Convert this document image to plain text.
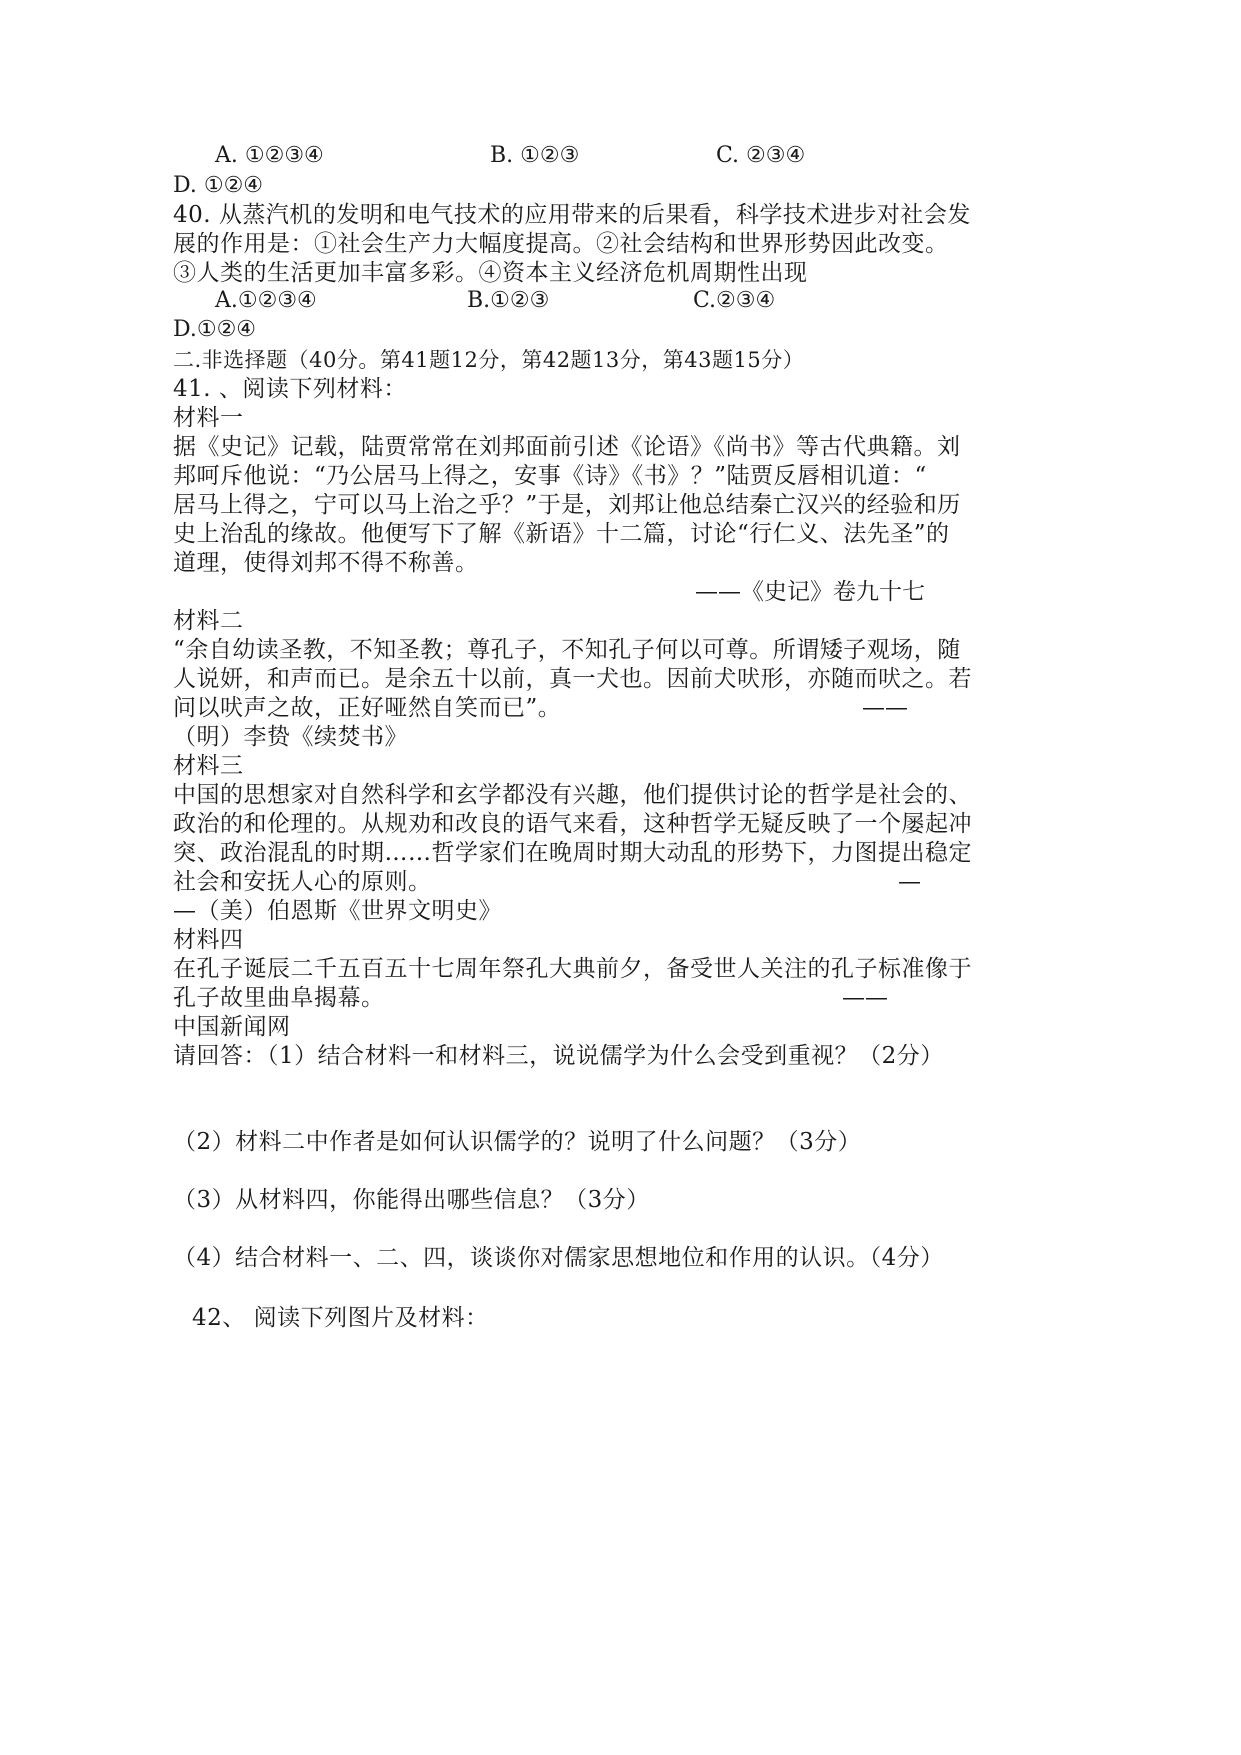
A. ①②③④	B. ①②③	C. ②③④
D. ①②④
40. 从蒸汽机的发明和电气技术的应用带来的后果看，科学技术进步对社会发
展的作用是：①社会生产力大幅度提高。②社会结构和世界形势因此改变。
③人类的生活更加丰富多彩。④资本主义经济危机周期性出现
A.①②③④	B.①②③	C.②③④
D.①②④
二.非选择题（40分。第41题12分，第42题13分，第43题15分）
41. 、阅读下列材料：
材料一
据《史记》记载，陆贾常常在刘邦面前引述《论语》《尚书》等古代典籍。刘
邦呵斥他说：“乃公居马上得之，安事《诗》《书》？”陆贾反唇相讥道：“
居马上得之，宁可以马上治之乎？”于是，刘邦让他总结秦亡汉兴的经验和历
史上治乱的缘故。他便写下了解《新语》十二篇，讨论“行仁义、法先圣”的
道理，使得刘邦不得不称善。
——《史记》卷九十七
材料二
“余自幼读圣教，不知圣教；尊孔子，不知孔子何以可尊。所谓矮子观场，随
人说妍，和声而已。是余五十以前，真一犬也。因前犬吠形，亦随而吠之。若
问以吠声之故，正好哑然自笑而已”。	——
（明）李贽《续焚书》
材料三
中国的思想家对自然科学和玄学都没有兴趣，他们提供讨论的哲学是社会的、
政治的和伦理的。从规劝和改良的语气来看，这种哲学无疑反映了一个屡起冲
突、政治混乱的时期……哲学家们在晚周时期大动乱的形势下，力图提出稳定
社会和安抚人心的原则。	—
—（美）伯恩斯《世界文明史》
材料四
在孔子诞辰二千五百五十七周年祭孔大典前夕，备受世人关注的孔子标准像于
孔子故里曲阜揭幕。	——
中国新闻网
请回答：（1）结合材料一和材料三，说说儒学为什么会受到重视？（2分）
（2）材料二中作者是如何认识儒学的？说明了什么问题？（3分）
（3）从材料四，你能得出哪些信息？（3分）
（4）结合材料一、二、四，谈谈你对儒家思想地位和作用的认识。（4分）
42、 阅读下列图片及材料：
